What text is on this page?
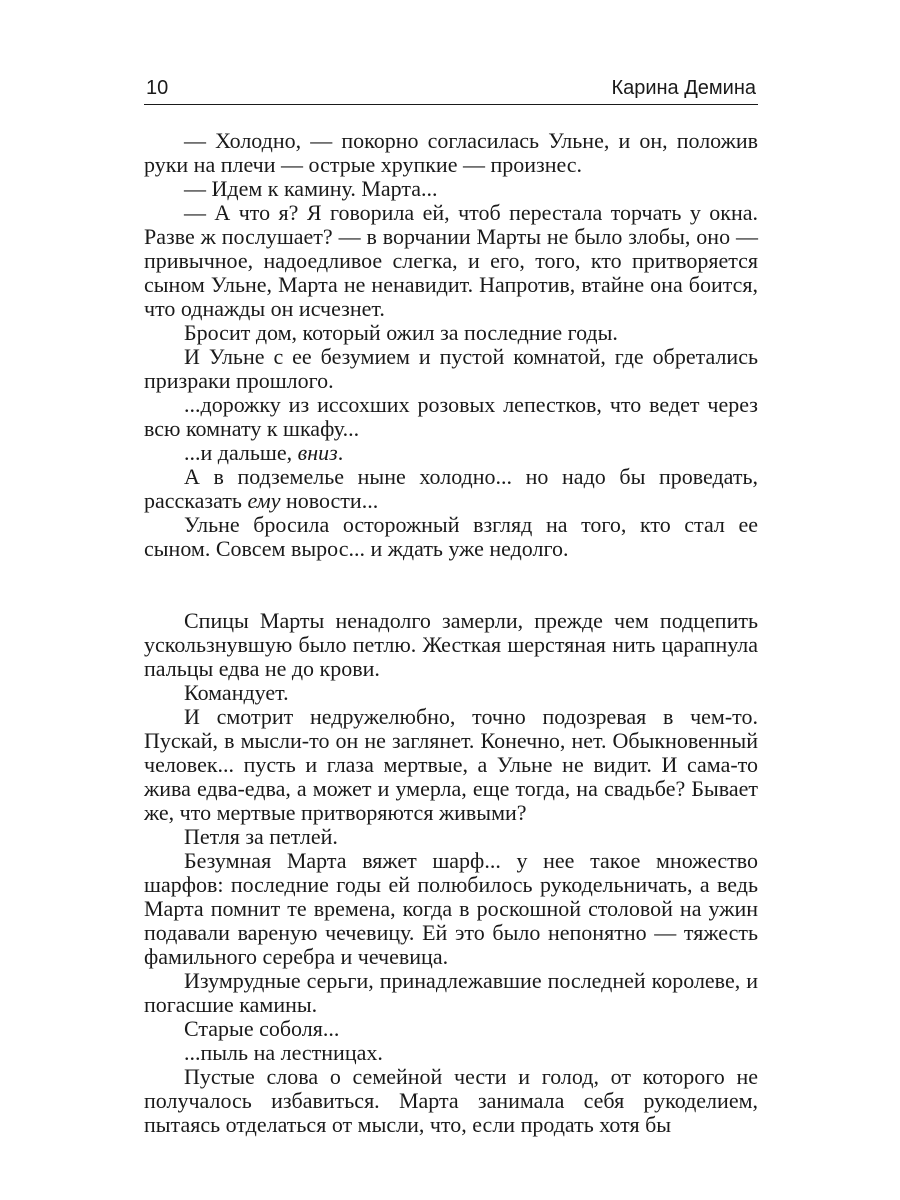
10	Карина Демина

— Холодно, — покорно согласилась Ульне, и он, положив руки на плечи — острые хрупкие — произнес.

— Идем к камину. Марта...

— А что я? Я говорила ей, чтоб перестала торчать у окна. Разве ж послушает? — в ворчании Марты не было злобы, оно — привычное, надоедливое слегка, и его, того, кто притворяется сыном Ульне, Марта не ненавидит. Напротив, втайне она боится, что однажды он исчезнет.

Бросит дом, который ожил за последние годы.

И Ульне с ее безумием и пустой комнатой, где обретались призраки прошлого.

...дорожку из иссохших розовых лепестков, что ведет через всю комнату к шкафу...

...и дальше, вниз.

А в подземелье ныне холодно... но надо бы проведать, рассказать ему новости...

Ульне бросила осторожный взгляд на того, кто стал ее сыном. Совсем вырос... и ждать уже недолго.

Спицы Марты ненадолго замерли, прежде чем подцепить ускользнувшую было петлю. Жесткая шерстяная нить царапнула пальцы едва не до крови.

Командует.

И смотрит недружелюбно, точно подозревая в чем-то. Пускай, в мысли-то он не заглянет. Конечно, нет. Обыкновенный человек... пусть и глаза мертвые, а Ульне не видит. И сама-то жива едва-едва, а может и умерла, еще тогда, на свадьбе? Бывает же, что мертвые притворяются живыми?

Петля за петлей.

Безумная Марта вяжет шарф... у нее такое множество шарфов: последние годы ей полюбилось рукодельничать, а ведь Марта помнит те времена, когда в роскошной столовой на ужин подавали вареную чечевицу. Ей это было непонятно — тяжесть фамильного серебра и чечевица.

Изумрудные серьги, принадлежавшие последней королеве, и погасшие камины.

Старые соболя...

...пыль на лестницах.

Пустые слова о семейной чести и голод, от которого не получалось избавиться. Марта занимала себя рукоделием, пытаясь отделаться от мысли, что, если продать хотя бы
